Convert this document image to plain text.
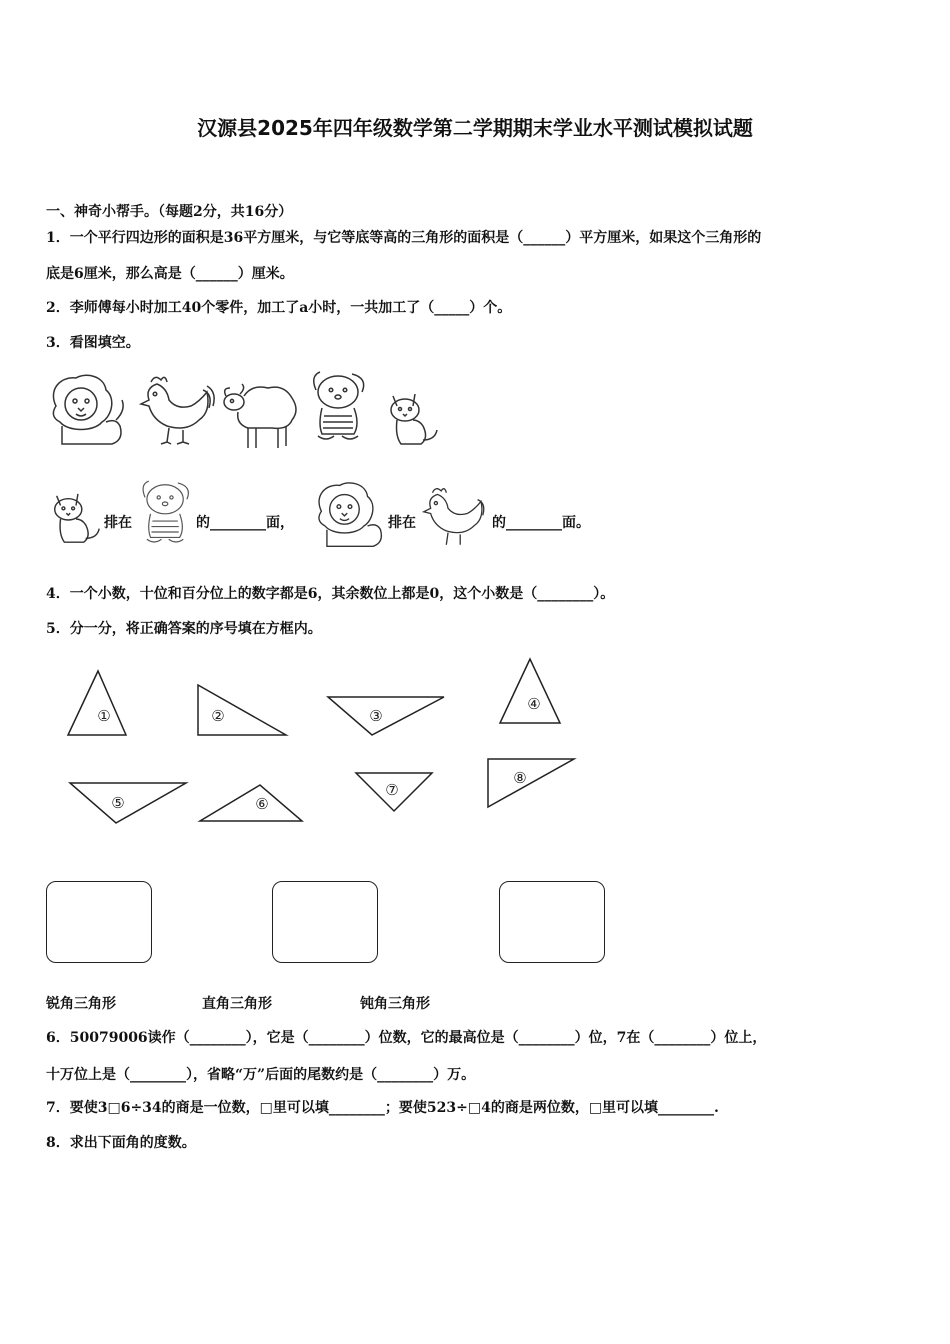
汉源县2025年四年级数学第二学期期末学业水平测试模拟试题
一、神奇小帮手。（每题2分，共16分）
1．一个平行四边形的面积是36平方厘米，与它等底等高的三角形的面积是（______）平方厘米，如果这个三角形的
底是6厘米，那么高是（______）厘米。
2．李师傅每小时加工40个零件，加工了a小时，一共加工了（_____）个。
3．看图填空。
排在	的________面，	排在	的________面。
4．一个小数，十位和百分位上的数字都是6，其余数位上都是0，这个小数是（________）。
5．分一分，将正确答案的序号填在方框内。
①	②	③
④
⑤	⑥
⑦
⑧
锐角三角形	直角三角形	钝角三角形
6．50079006读作（________），它是（________）位数，它的最高位是（________）位，7在（________）位上，
十万位上是（________），省略“万”后面的尾数约是（________）万。
7．要使3□6÷34的商是一位数，□里可以填________；要使523÷□4的商是两位数，□里可以填________.
8．求出下面角的度数。
